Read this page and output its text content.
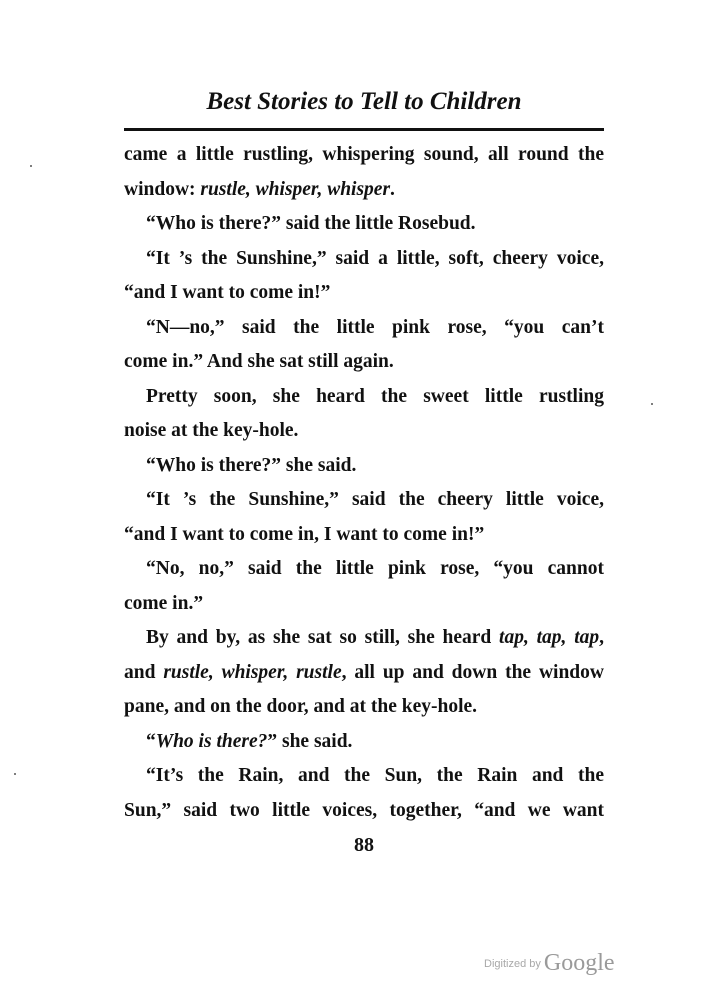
Best Stories to Tell to Children
came a little rustling, whispering sound, all round the
window: rustle, whisper, whisper.
“Who is there?” said the little Rosebud.
“It ’s the Sunshine,” said a little, soft, cheery voice,
“and I want to come in!”
“N—no,” said the little pink rose, “you can’t
come in.” And she sat still again.
Pretty soon, she heard the sweet little rustling
noise at the key-hole.
“Who is there?” she said.
“It ’s the Sunshine,” said the cheery little voice,
“and I want to come in, I want to come in!”
“No, no,” said the little pink rose, “you cannot
come in.”
By and by, as she sat so still, she heard tap, tap, tap,
and rustle, whisper, rustle, all up and down the window
pane, and on the door, and at the key-hole.
“Who is there?” she said.
“It’s the Rain, and the Sun, the Rain and the
Sun,” said two little voices, together, “and we want
88
Digitized by Google
